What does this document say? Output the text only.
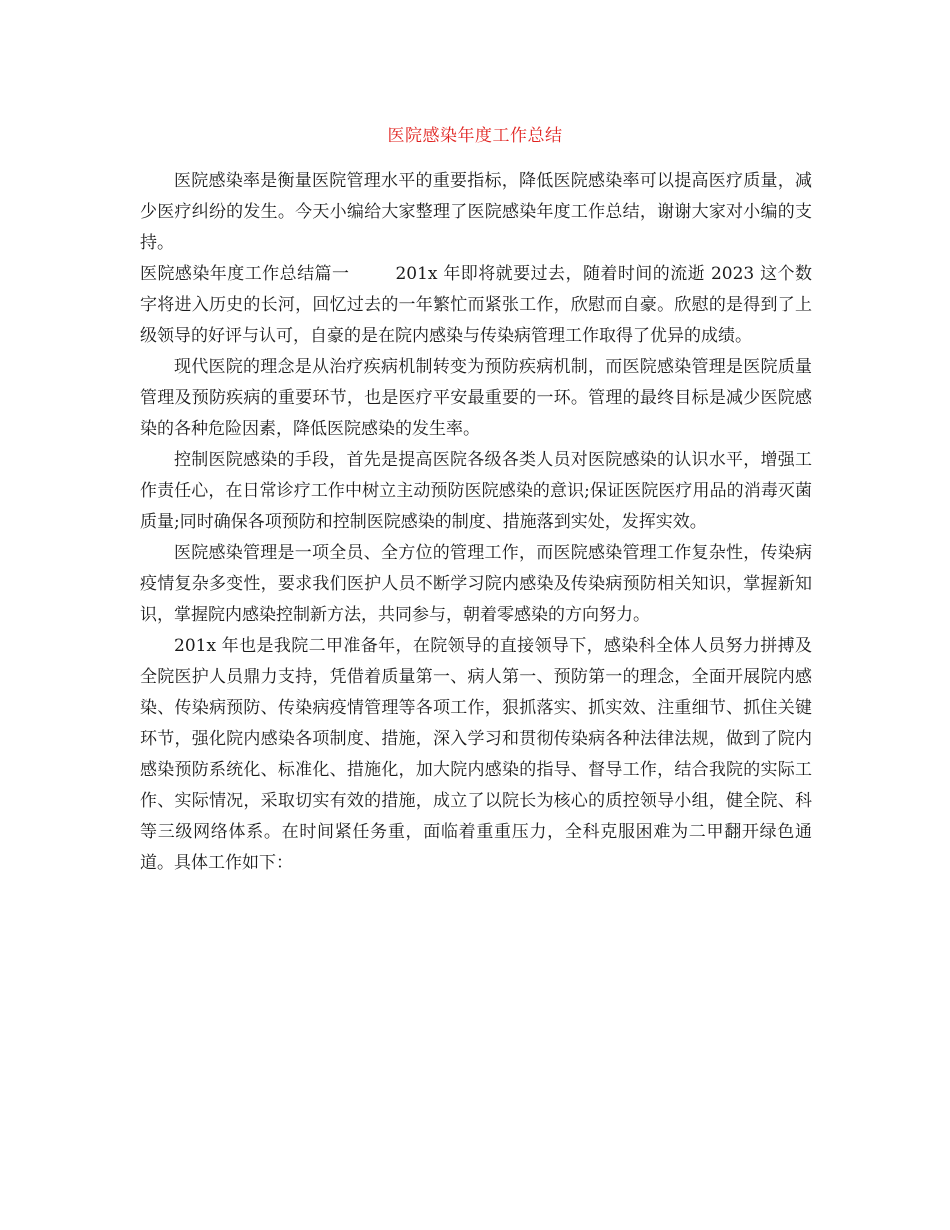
医院感染年度工作总结

医院感染率是衡量医院管理水平的重要指标，降低医院感染率可以提高医疗质量，减少医疗纠纷的发生。今天小编给大家整理了医院感染年度工作总结，谢谢大家对小编的支持。

医院感染年度工作总结篇一	201x 年即将就要过去，随着时间的流逝 2023 这个数字将进入历史的长河，回忆过去的一年繁忙而紧张工作，欣慰而自豪。欣慰的是得到了上级领导的好评与认可，自豪的是在院内感染与传染病管理工作取得了优异的成绩。

现代医院的理念是从治疗疾病机制转变为预防疾病机制，而医院感染管理是医院质量管理及预防疾病的重要环节，也是医疗平安最重要的一环。管理的最终目标是减少医院感染的各种危险因素，降低医院感染的发生率。

控制医院感染的手段，首先是提高医院各级各类人员对医院感染的认识水平，增强工作责任心，在日常诊疗工作中树立主动预防医院感染的意识;保证医院医疗用品的消毒灭菌质量;同时确保各项预防和控制医院感染的制度、措施落到实处，发挥实效。

医院感染管理是一项全员、全方位的管理工作，而医院感染管理工作复杂性，传染病疫情复杂多变性，要求我们医护人员不断学习院内感染及传染病预防相关知识，掌握新知识，掌握院内感染控制新方法，共同参与，朝着零感染的方向努力。

201x 年也是我院二甲准备年，在院领导的直接领导下，感染科全体人员努力拼搏及全院医护人员鼎力支持，凭借着质量第一、病人第一、预防第一的理念，全面开展院内感染、传染病预防、传染病疫情管理等各项工作，狠抓落实、抓实效、注重细节、抓住关键环节，强化院内感染各项制度、措施，深入学习和贯彻传染病各种法律法规，做到了院内感染预防系统化、标准化、措施化，加大院内感染的指导、督导工作，结合我院的实际工作、实际情况，采取切实有效的措施，成立了以院长为核心的质控领导小组，健全院、科等三级网络体系。在时间紧任务重，面临着重重压力，全科克服困难为二甲翻开绿色通道。具体工作如下：
